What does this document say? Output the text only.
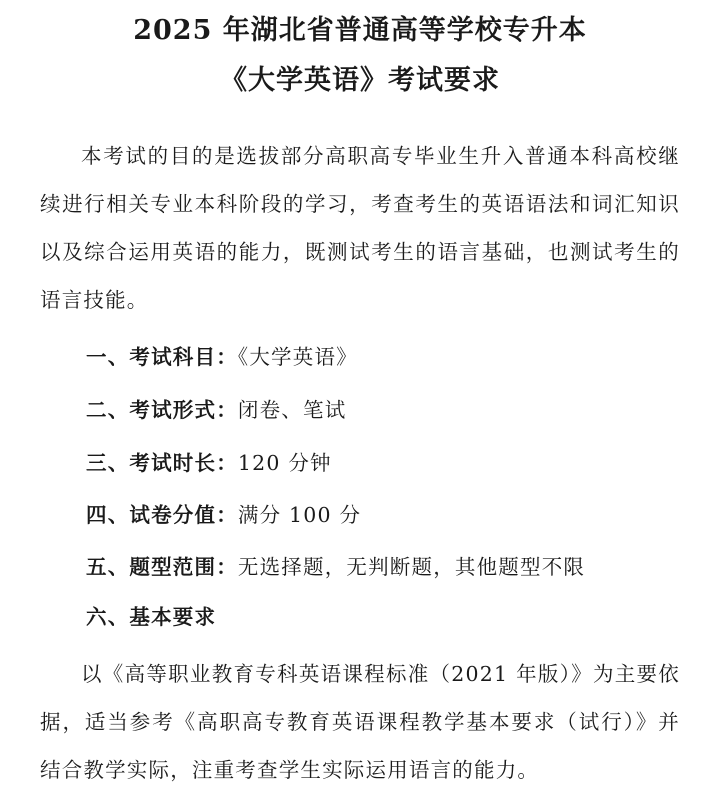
2025 年湖北省普通高等学校专升本
《大学英语》考试要求
本考试的目的是选拔部分高职高专毕业生升入普通本科高校继续进行相关专业本科阶段的学习，考查考生的英语语法和词汇知识以及综合运用英语的能力，既测试考生的语言基础，也测试考生的语言技能。
一、考试科目：《大学英语》
二、考试形式：闭卷、笔试
三、考试时长：120 分钟
四、试卷分值：满分 100 分
五、题型范围：无选择题，无判断题，其他题型不限
六、基本要求
以《高等职业教育专科英语课程标准（2021 年版）》为主要依据，适当参考《高职高专教育英语课程教学基本要求（试行）》并结合教学实际，注重考查学生实际运用语言的能力。
